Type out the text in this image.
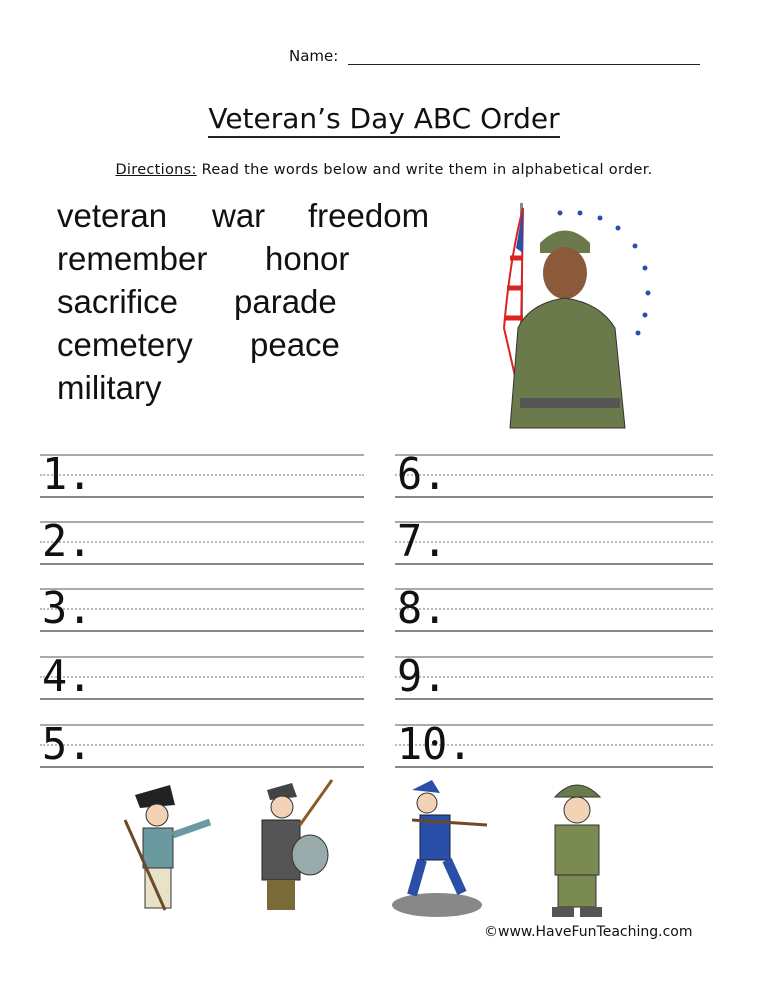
Name:
Veteran’s Day ABC Order
Directions: Read the words below and write them in alphabetical order.
veteran war freedom
remember honor
sacrifice parade
cemetery peace
military
1.
2.
3.
4.
5.
6.
7.
8.
9.
10.
©www.HaveFunTeaching.com
